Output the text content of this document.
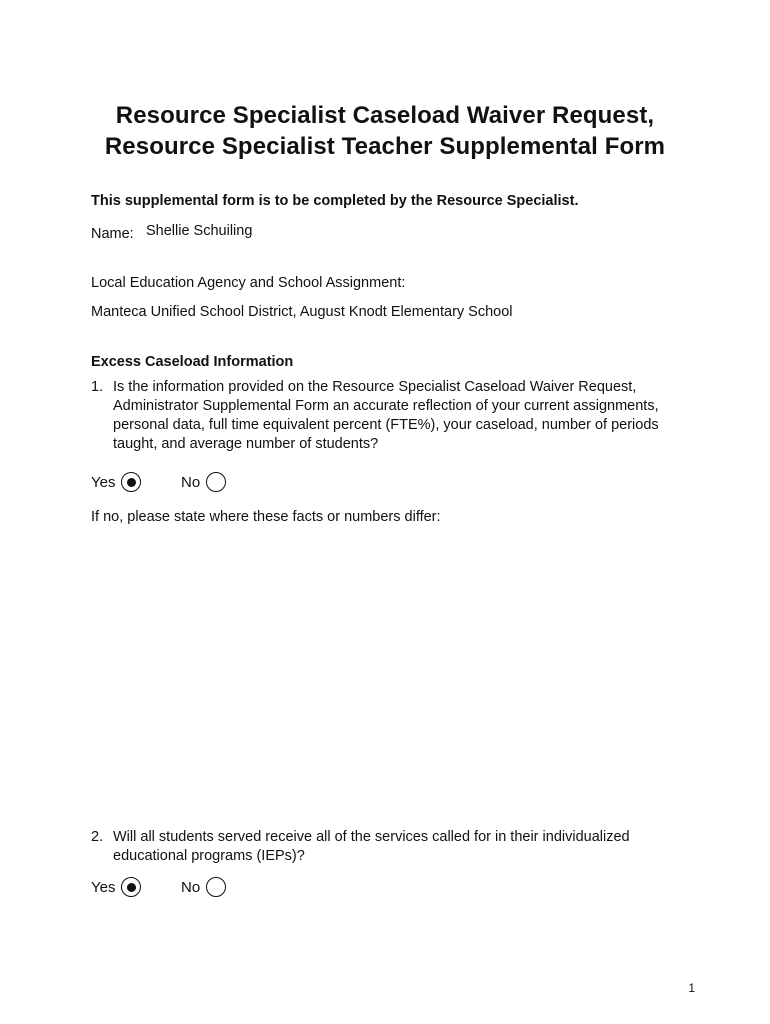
Resource Specialist Caseload Waiver Request,
Resource Specialist Teacher Supplemental Form
This supplemental form is to be completed by the Resource Specialist.
Name: Shellie Schuiling
Local Education Agency and School Assignment:
Manteca Unified School District, August Knodt Elementary School
Excess Caseload Information
1. Is the information provided on the Resource Specialist Caseload Waiver Request, Administrator Supplemental Form an accurate reflection of your current assignments, personal data, full time equivalent percent (FTE%), your caseload, number of periods taught, and average number of students?
Yes	No
If no, please state where these facts or numbers differ:
2. Will all students served receive all of the services called for in their individualized educational programs (IEPs)?
Yes	No
1
